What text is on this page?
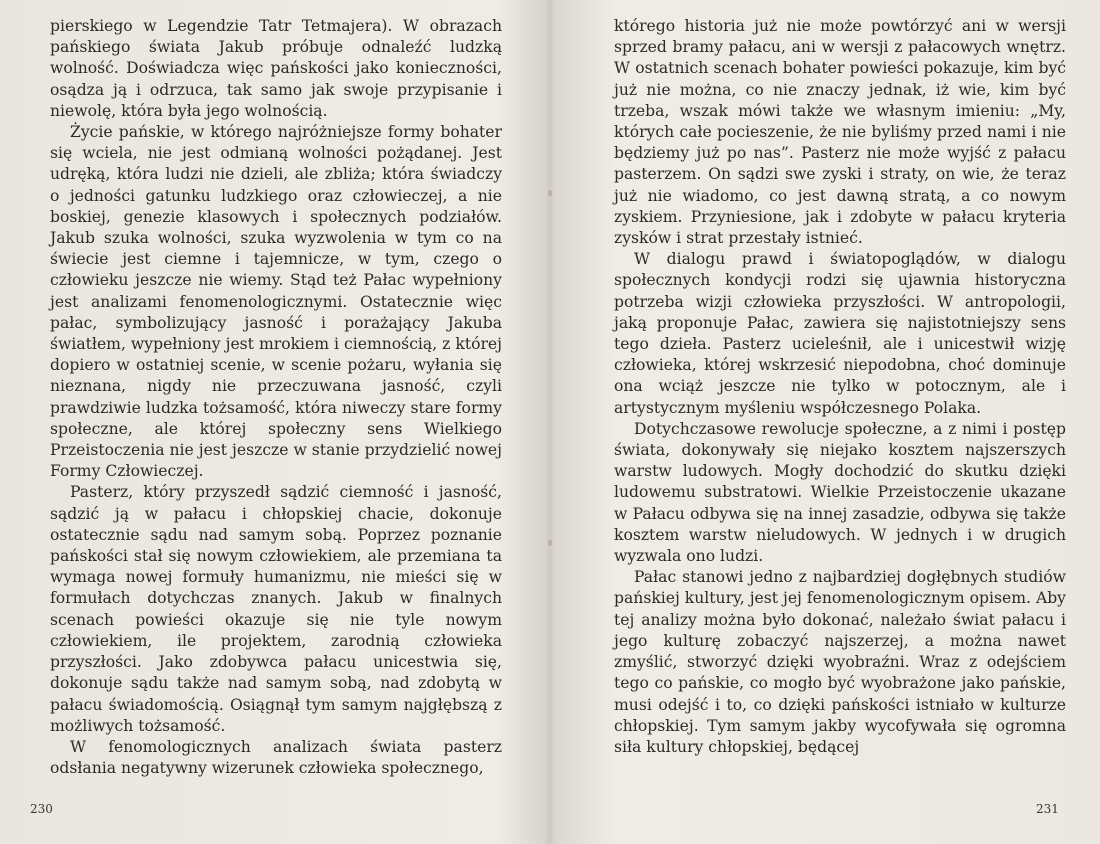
pierskiego w Legendzie Tatr Tetmajera). W obrazach pańskiego świata Jakub próbuje odnaleźć ludzką wolność. Doświadcza więc pańskości jako konieczności, osądza ją i odrzuca, tak samo jak swoje przypisanie i niewolę, która była jego wolnością.

Życie pańskie, w którego najróżniejsze formy bohater się wciela, nie jest odmianą wolności pożądanej. Jest udręką, która ludzi nie dzieli, ale zbliża; która świadczy o jedności gatunku ludzkiego oraz człowieczej, a nie boskiej, genezie klasowych i społecznych podziałów. Jakub szuka wolności, szuka wyzwolenia w tym co na świecie jest ciemne i tajemnicze, w tym, czego o człowieku jeszcze nie wiemy. Stąd też Pałac wypełniony jest analizami fenomenologicznymi. Ostatecznie więc pałac, symbolizujący jasność i porażający Jakuba światłem, wypełniony jest mrokiem i ciemnością, z której dopiero w ostatniej scenie, w scenie pożaru, wyłania się nieznana, nigdy nie przeczuwana jasność, czyli prawdziwie ludzka tożsamość, która niweczy stare formy społeczne, ale której społeczny sens Wielkiego Przeistoczenia nie jest jeszcze w stanie przydzielić nowej Formy Człowieczej.

Pasterz, który przyszedł sądzić ciemność i jasność, sądzić ją w pałacu i chłopskiej chacie, dokonuje ostatecznie sądu nad samym sobą. Poprzez poznanie pańskości stał się nowym człowiekiem, ale przemiana ta wymaga nowej formuły humanizmu, nie mieści się w formułach dotychczas znanych. Jakub w finalnych scenach powieści okazuje się nie tyle nowym człowiekiem, ile projektem, zarodnią człowieka przyszłości. Jako zdobywca pałacu unicestwia się, dokonuje sądu także nad samym sobą, nad zdobytą w pałacu świadomością. Osiągnął tym samym najgłębszą z możliwych tożsamość.

W fenomologicznych analizach świata pasterz odsłania negatywny wizerunek człowieka społecznego,

230

którego historia już nie może powtórzyć ani w wersji sprzed bramy pałacu, ani w wersji z pałacowych wnętrz. W ostatnich scenach bohater powieści pokazuje, kim być już nie można, co nie znaczy jednak, iż wie, kim być trzeba, wszak mówi także we własnym imieniu: „My, których całe pocieszenie, że nie byliśmy przed nami i nie będziemy już po nas”. Pasterz nie może wyjść z pałacu pasterzem. On sądzi swe zyski i straty, on wie, że teraz już nie wiadomo, co jest dawną stratą, a co nowym zyskiem. Przyniesione, jak i zdobyte w pałacu kryteria zysków i strat przestały istnieć.

W dialogu prawd i światopoglądów, w dialogu społecznych kondycji rodzi się ujawnia historyczna potrzeba wizji człowieka przyszłości. W antropologii, jaką proponuje Pałac, zawiera się najistotniejszy sens tego dzieła. Pasterz ucieleśnił, ale i unicestwił wizję człowieka, której wskrzesić niepodobna, choć dominuje ona wciąż jeszcze nie tylko w potocznym, ale i artystycznym myśleniu współczesnego Polaka.

Dotychczasowe rewolucje społeczne, a z nimi i postęp świata, dokonywały się niejako kosztem najszerszych warstw ludowych. Mogły dochodzić do skutku dzięki ludowemu substratowi. Wielkie Przeistoczenie ukazane w Pałacu odbywa się na innej zasadzie, odbywa się także kosztem warstw nieludowych. W jednych i w drugich wyzwala ono ludzi.

Pałac stanowi jedno z najbardziej dogłębnych studiów pańskiej kultury, jest jej fenomenologicznym opisem. Aby tej analizy można było dokonać, należało świat pałacu i jego kulturę zobaczyć najszerzej, a można nawet zmyślić, stworzyć dzięki wyobraźni. Wraz z odejściem tego co pańskie, co mogło być wyobrażone jako pańskie, musi odejść i to, co dzięki pańskości istniało w kulturze chłopskiej. Tym samym jakby wycofywała się ogromna siła kultury chłopskiej, będącej

231
